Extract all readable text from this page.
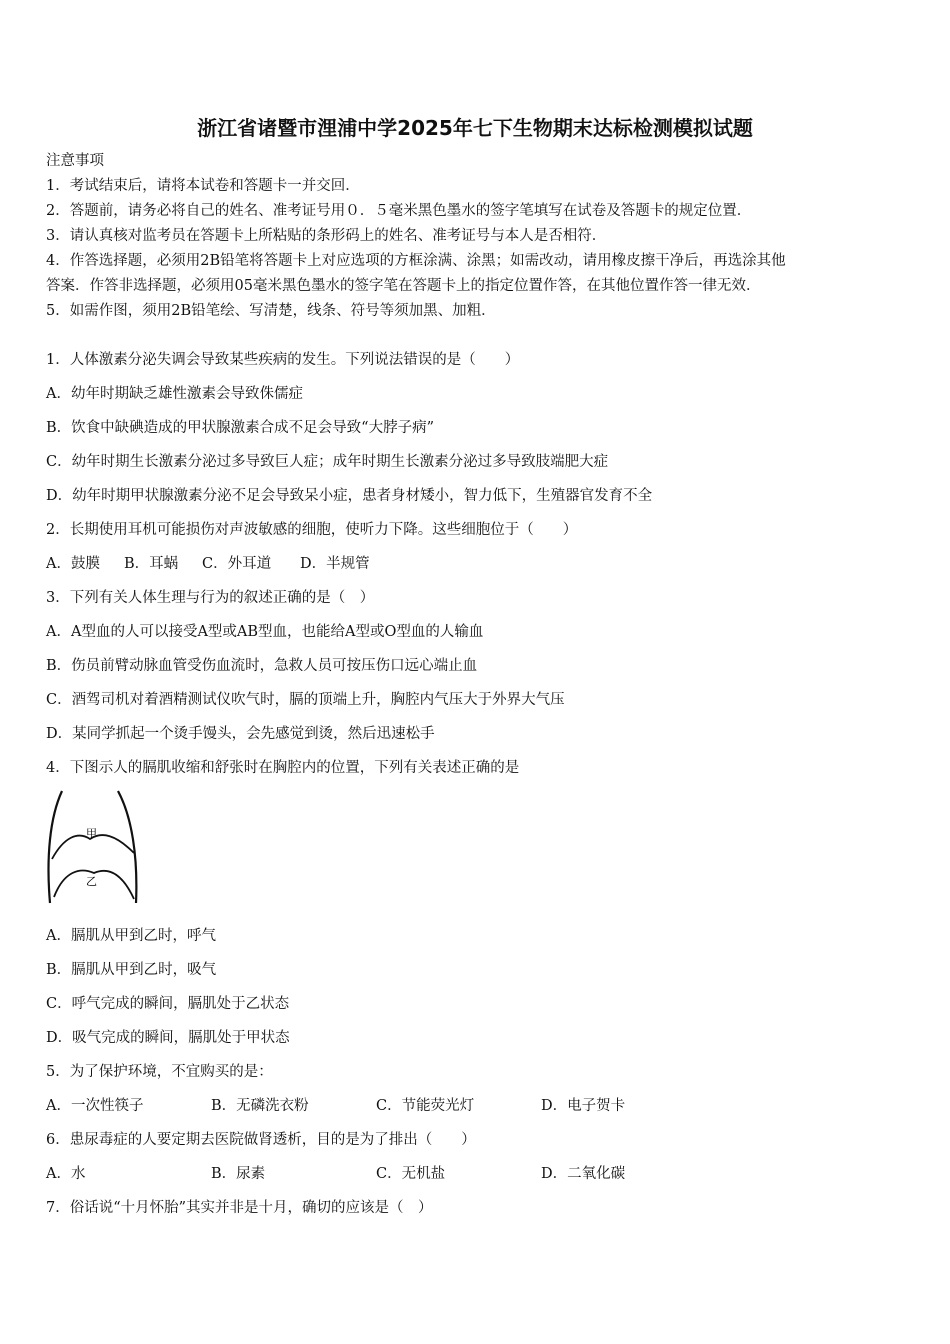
浙江省诸暨市浬浦中学2025年七下生物期末达标检测模拟试题
注意事项
1．考试结束后，请将本试卷和答题卡一并交回．
2．答题前，请务必将自己的姓名、准考证号用０．５毫米黑色墨水的签字笔填写在试卷及答题卡的规定位置．
3．请认真核对监考员在答题卡上所粘贴的条形码上的姓名、准考证号与本人是否相符．
4．作答选择题，必须用2B铅笔将答题卡上对应选项的方框涂满、涂黑；如需改动，请用橡皮擦干净后，再选涂其他
答案．作答非选择题，必须用05毫米黑色墨水的签字笔在答题卡上的指定位置作答，在其他位置作答一律无效．
5．如需作图，须用2B铅笔绘、写清楚，线条、符号等须加黑、加粗．
1．人体激素分泌失调会导致某些疾病的发生。下列说法错误的是（　　）
A．幼年时期缺乏雄性激素会导致侏儒症
B．饮食中缺碘造成的甲状腺激素合成不足会导致“大脖子病”
C．幼年时期生长激素分泌过多导致巨人症；成年时期生长激素分泌过多导致肢端肥大症
D．幼年时期甲状腺激素分泌不足会导致呆小症，患者身材矮小，智力低下，生殖器官发育不全
2．长期使用耳机可能损伤对声波敏感的细胞，使听力下降。这些细胞位于（　　）
A．鼓膜 B．耳蜗 C．外耳道 D．半规管
3．下列有关人体生理与行为的叙述正确的是（　）
A．A型血的人可以接受A型或AB型血，也能给A型或O型血的人输血
B．伤员前臂动脉血管受伤血流时，急救人员可按压伤口远心端止血
C．酒驾司机对着酒精测试仪吹气时，膈的顶端上升，胸腔内气压大于外界大气压
D．某同学抓起一个烫手馒头，会先感觉到烫，然后迅速松手
4．下图示人的膈肌收缩和舒张时在胸腔内的位置，下列有关表述正确的是
甲
乙
A．膈肌从甲到乙时，呼气
B．膈肌从甲到乙时，吸气
C．呼气完成的瞬间，膈肌处于乙状态
D．吸气完成的瞬间，膈肌处于甲状态
5．为了保护环境，不宜购买的是：
A．一次性筷子	B．无磷洗衣粉	C．节能荧光灯	D．电子贺卡
6．患尿毒症的人要定期去医院做肾透析，目的是为了排出（　　）
A．水	B．尿素	C．无机盐	D．二氧化碳
7．俗话说“十月怀胎”其实并非是十月，确切的应该是（　）
